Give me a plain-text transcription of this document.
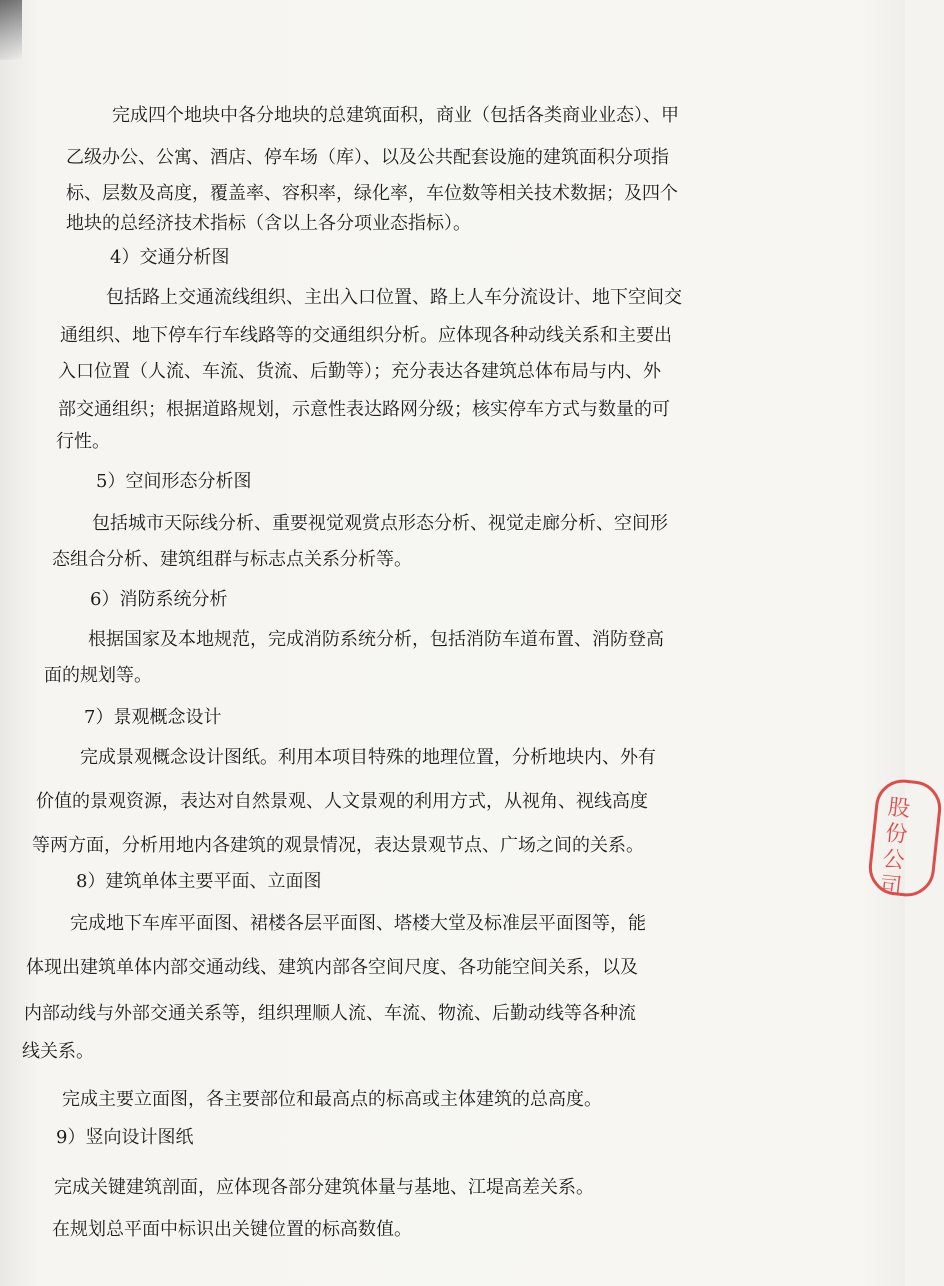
完成四个地块中各分地块的总建筑面积，商业（包括各类商业业态）、甲
乙级办公、公寓、酒店、停车场（库）、以及公共配套设施的建筑面积分项指
标、层数及高度，覆盖率、容积率，绿化率，车位数等相关技术数据；及四个
地块的总经济技术指标（含以上各分项业态指标）。
4）交通分析图
包括路上交通流线组织、主出入口位置、路上人车分流设计、地下空间交
通组织、地下停车行车线路等的交通组织分析。应体现各种动线关系和主要出
入口位置（人流、车流、货流、后勤等）；充分表达各建筑总体布局与内、外
部交通组织；根据道路规划，示意性表达路网分级；核实停车方式与数量的可
行性。
5）空间形态分析图
包括城市天际线分析、重要视觉观赏点形态分析、视觉走廊分析、空间形
态组合分析、建筑组群与标志点关系分析等。
6）消防系统分析
根据国家及本地规范，完成消防系统分析，包括消防车道布置、消防登高
面的规划等。
7）景观概念设计
完成景观概念设计图纸。利用本项目特殊的地理位置，分析地块内、外有
价值的景观资源，表达对自然景观、人文景观的利用方式，从视角、视线高度
等两方面，分析用地内各建筑的观景情况，表达景观节点、广场之间的关系。
8）建筑单体主要平面、立面图
完成地下车库平面图、裙楼各层平面图、塔楼大堂及标准层平面图等，能
体现出建筑单体内部交通动线、建筑内部各空间尺度、各功能空间关系，以及
内部动线与外部交通关系等，组织理顺人流、车流、物流、后勤动线等各种流
线关系。
完成主要立面图，各主要部位和最高点的标高或主体建筑的总高度。
9）竖向设计图纸
完成关键建筑剖面，应体现各部分建筑体量与基地、江堤高差关系。
在规划总平面中标识出关键位置的标高数值。
股份公司
